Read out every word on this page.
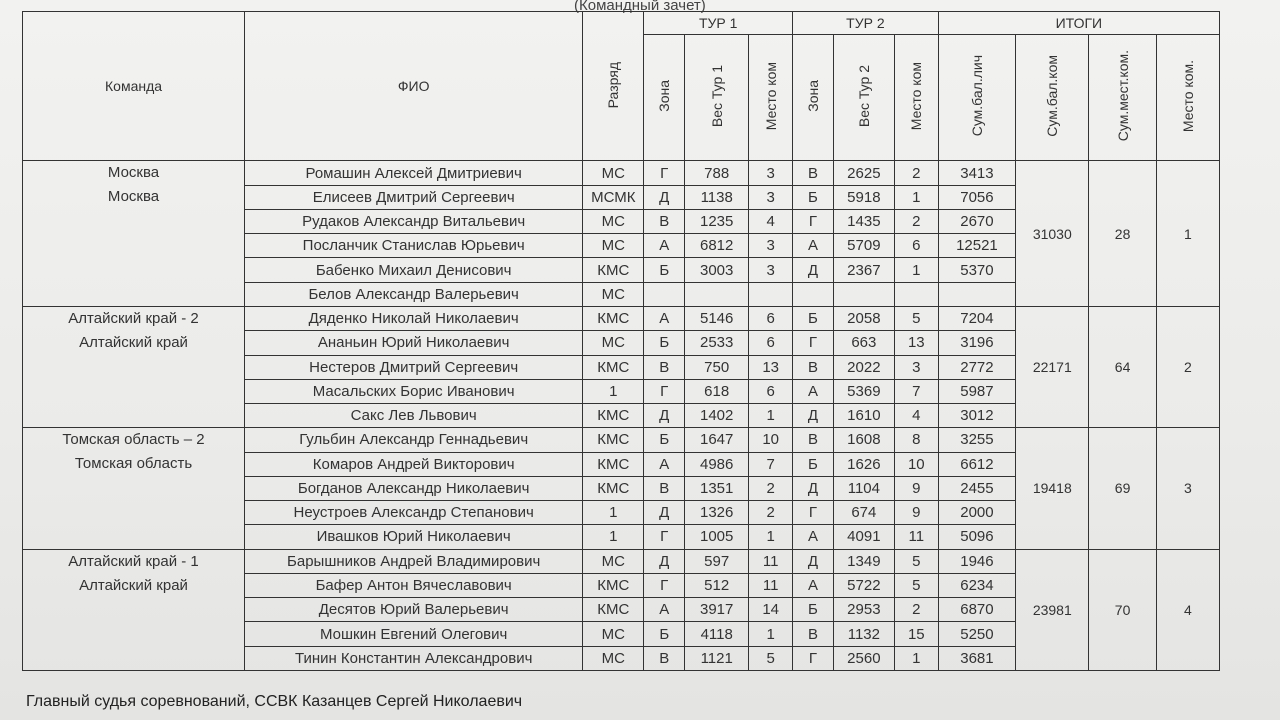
(Командный зачет)
Команда	ФИО	Разряд	ТУР 1			ТУР 2			ИТОГИ			
			Зона	Вес Тур 1	Место ком	Зона	Вес Тур 2	Место ком	Сум.бал.лич	Сум.бал.ком	Сум.мест.ком.	Место ком.

Москва
Москва	Ромашин Алексей Дмитриевич	МС	Г	788	3	В	2625	2	3413	31030	28	1
	Елисеев Дмитрий Сергеевич	МСМК	Д	1138	3	Б	5918	1	7056			
	Рудаков Александр Витальевич	МС	В	1235	4	Г	1435	2	2670			
	Посланчик Станислав Юрьевич	МС	А	6812	3	А	5709	6	12521			
	Бабенко Михаил Денисович	КМС	Б	3003	3	Д	2367	1	5370			
	Белов Александр Валерьевич	МС										

Алтайский край - 2
Алтайский край	Дяденко Николай Николаевич	КМС	А	5146	6	Б	2058	5	7204	22171	64	2
	Ананьин Юрий Николаевич	МС	Б	2533	6	Г	663	13	3196			
	Нестеров Дмитрий Сергеевич	КМС	В	750	13	В	2022	3	2772			
	Масальских Борис Иванович	1	Г	618	6	А	5369	7	5987			
	Сакс Лев Львович	КМС	Д	1402	1	Д	1610	4	3012			

Томская область – 2
Томская область	Гульбин Александр Геннадьевич	КМС	Б	1647	10	В	1608	8	3255	19418	69	3
	Комаров Андрей Викторович	КМС	А	4986	7	Б	1626	10	6612			
	Богданов Александр Николаевич	КМС	В	1351	2	Д	1104	9	2455			
	Неустроев Александр Степанович	1	Д	1326	2	Г	674	9	2000			
	Ивашков Юрий Николаевич	1	Г	1005	1	А	4091	11	5096			

Алтайский край - 1
Алтайский край	Барышников Андрей Владимирович	МС	Д	597	11	Д	1349	5	1946	23981	70	4
	Бафер Антон Вячеславович	КМС	Г	512	11	А	5722	5	6234			
	Десятов Юрий Валерьевич	КМС	А	3917	14	Б	2953	2	6870			
	Мошкин Евгений Олегович	МС	Б	4118	1	В	1132	15	5250			
	Тинин Константин Александрович	МС	В	1121	5	Г	2560	1	3681			
Главный судья соревнований, ССВК Казанцев Сергей Николаевич
